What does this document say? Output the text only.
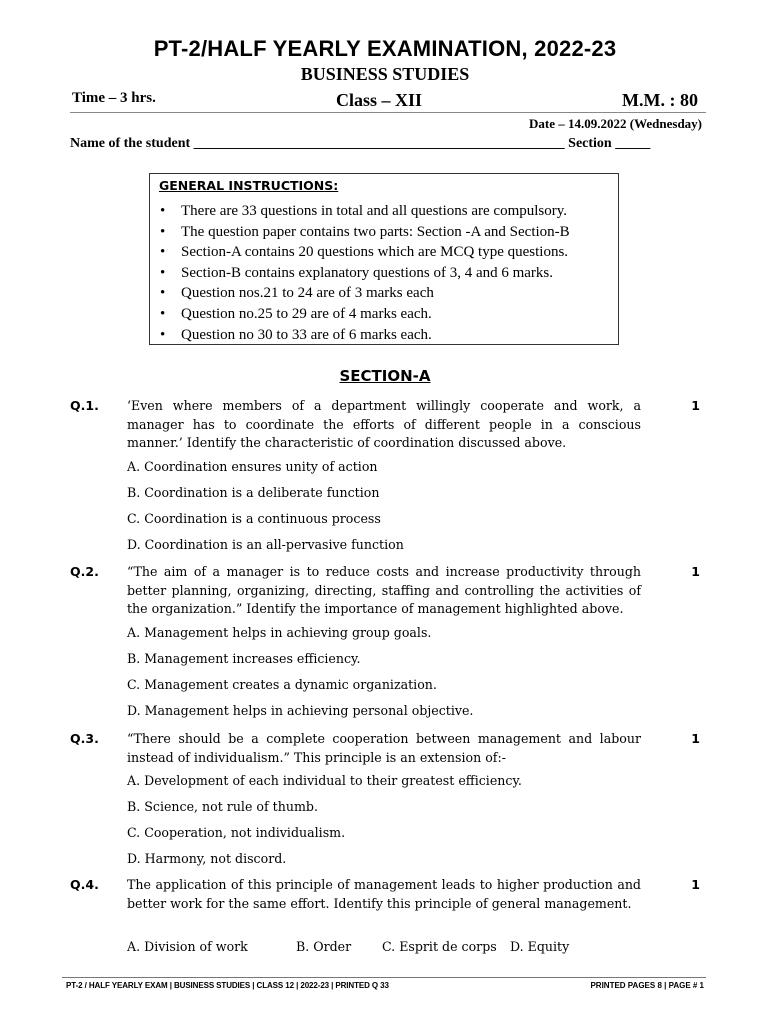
PT-2/HALF YEARLY EXAMINATION, 2022-23
BUSINESS STUDIES
Time – 3 hrs.	Class – XII	M.M. : 80
Date – 14.09.2022 (Wednesday)
Name of the student _____________________________________________________ Section _____
GENERAL INSTRUCTIONS:
• There are 33 questions in total and all questions are compulsory.
• The question paper contains two parts: Section -A and Section-B
• Section-A contains 20 questions which are MCQ type questions.
• Section-B contains explanatory questions of 3, 4 and 6 marks.
• Question nos.21 to 24 are of 3 marks each
• Question no.25 to 29 are of 4 marks each.
• Question no 30 to 33 are of 6 marks each.
SECTION-A
Q.1. ‘Even where members of a department willingly cooperate and work, a manager has to coordinate the efforts of different people in a conscious manner.’ Identify the characteristic of coordination discussed above.
1
A. Coordination ensures unity of action
B. Coordination is a deliberate function
C. Coordination is a continuous process
D. Coordination is an all-pervasive function
Q.2. “The aim of a manager is to reduce costs and increase productivity through better planning, organizing, directing, staffing and controlling the activities of the organization.” Identify the importance of management highlighted above.
1
A. Management helps in achieving group goals.
B. Management increases efficiency.
C. Management creates a dynamic organization.
D. Management helps in achieving personal objective.
Q.3. “There should be a complete cooperation between management and labour instead of individualism.” This principle is an extension of:-
1
A. Development of each individual to their greatest efficiency.
B. Science, not rule of thumb.
C. Cooperation, not individualism.
D. Harmony, not discord.
Q.4. The application of this principle of management leads to higher production and better work for the same effort. Identify this principle of general management.
1
A. Division of work	B. Order C. Esprit de corps D. Equity
PT-2 / HALF YEARLY EXAM | BUSINESS STUDIES | CLASS 12 | 2022-23 | PRINTED Q 33	PRINTED PAGES 8 | PAGE # 1
